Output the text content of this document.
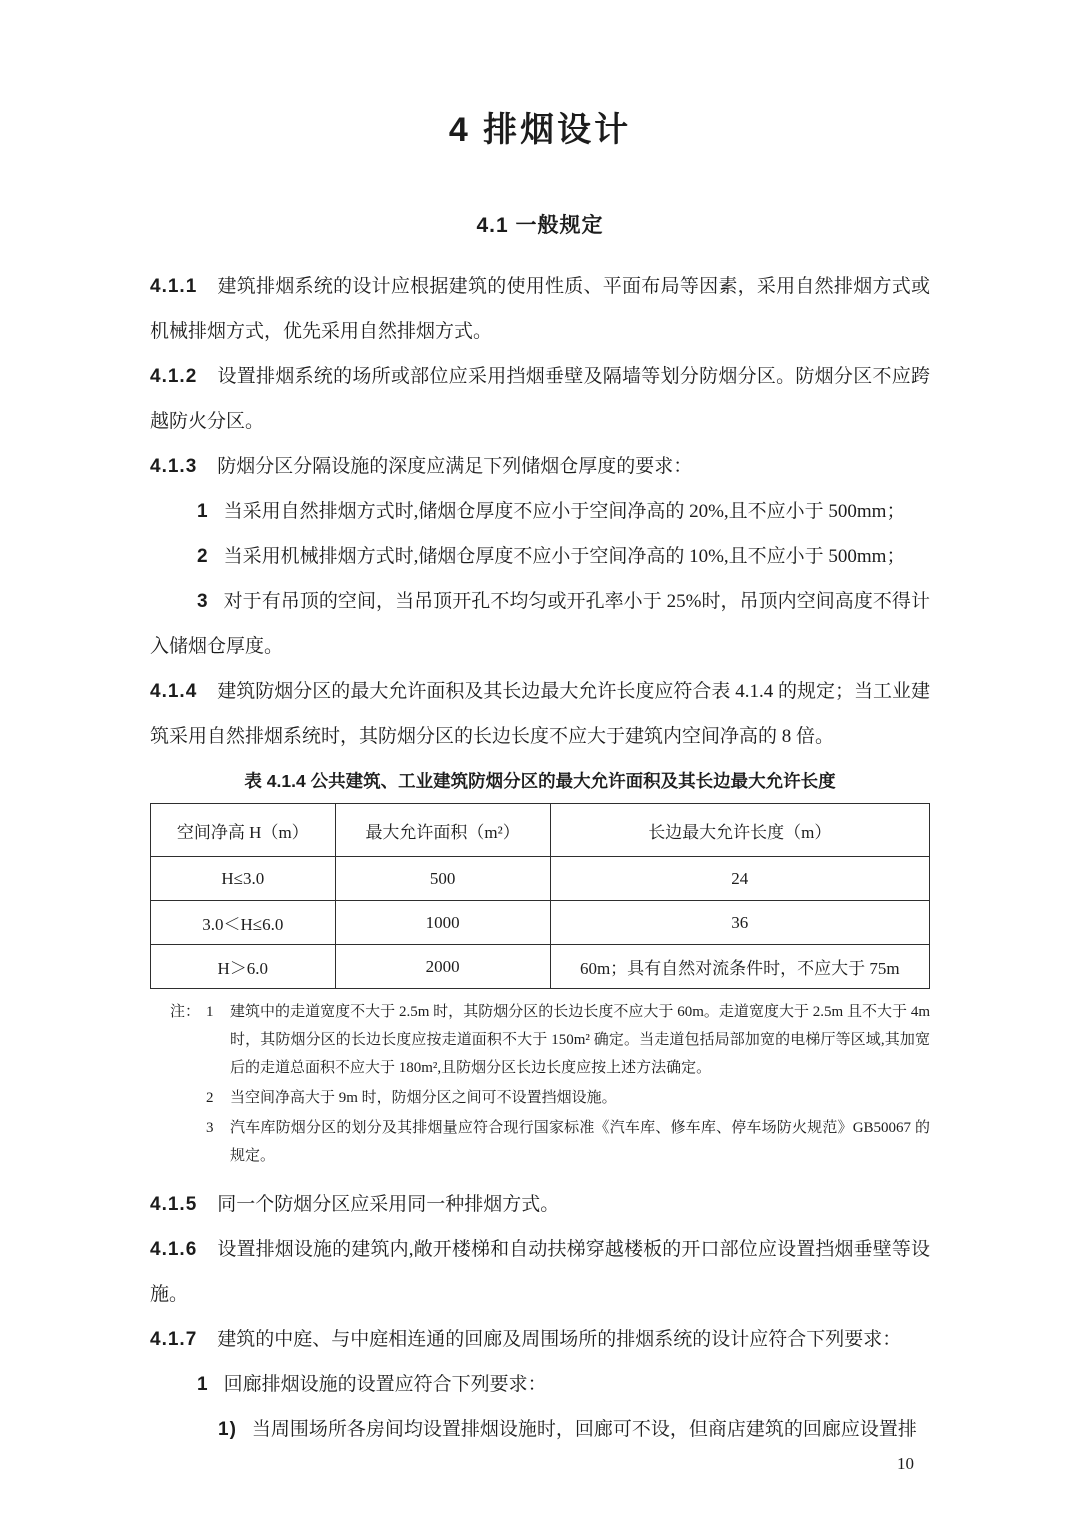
4 排烟设计
4.1 一般规定

4.1.1 建筑排烟系统的设计应根据建筑的使用性质、平面布局等因素，采用自然排烟方式或机械排烟方式，优先采用自然排烟方式。

4.1.2 设置排烟系统的场所或部位应采用挡烟垂壁及隔墙等划分防烟分区。防烟分区不应跨越防火分区。

4.1.3 防烟分区分隔设施的深度应满足下列储烟仓厚度的要求：

1 当采用自然排烟方式时,储烟仓厚度不应小于空间净高的 20%,且不应小于 500mm；

2 当采用机械排烟方式时,储烟仓厚度不应小于空间净高的 10%,且不应小于 500mm；

3 对于有吊顶的空间，当吊顶开孔不均匀或开孔率小于 25%时，吊顶内空间高度不得计入储烟仓厚度。

4.1.4 建筑防烟分区的最大允许面积及其长边最大允许长度应符合表 4.1.4 的规定；当工业建筑采用自然排烟系统时，其防烟分区的长边长度不应大于建筑内空间净高的 8 倍。

表 4.1.4 公共建筑、工业建筑防烟分区的最大允许面积及其长边最大允许长度
空间净高 H（m）	最大允许面积（m²）	长边最大允许长度（m）
H≤3.0	500	24
3.0＜H≤6.0	1000	36
H＞6.0	2000	60m；具有自然对流条件时，不应大于 75m
注： 1	建筑中的走道宽度不大于 2.5m 时，其防烟分区的长边长度不应大于 60m。走道宽度大于 2.5m 且不大于 4m 时，其防烟分区的长边长度应按走道面积不大于 150m² 确定。当走道包括局部加宽的电梯厅等区域,其加宽后的走道总面积不应大于 180m²,且防烟分区长边长度应按上述方法确定。
2	当空间净高大于 9m 时，防烟分区之间可不设置挡烟设施。
3	汽车库防烟分区的划分及其排烟量应符合现行国家标准《汽车库、修车库、停车场防火规范》GB50067 的规定。

4.1.5 同一个防烟分区应采用同一种排烟方式。

4.1.6 设置排烟设施的建筑内,敞开楼梯和自动扶梯穿越楼板的开口部位应设置挡烟垂壁等设施。

4.1.7 建筑的中庭、与中庭相连通的回廊及周围场所的排烟系统的设计应符合下列要求：

1 回廊排烟设施的设置应符合下列要求：

1) 当周围场所各房间均设置排烟设施时，回廊可不设，但商店建筑的回廊应设置排

10
